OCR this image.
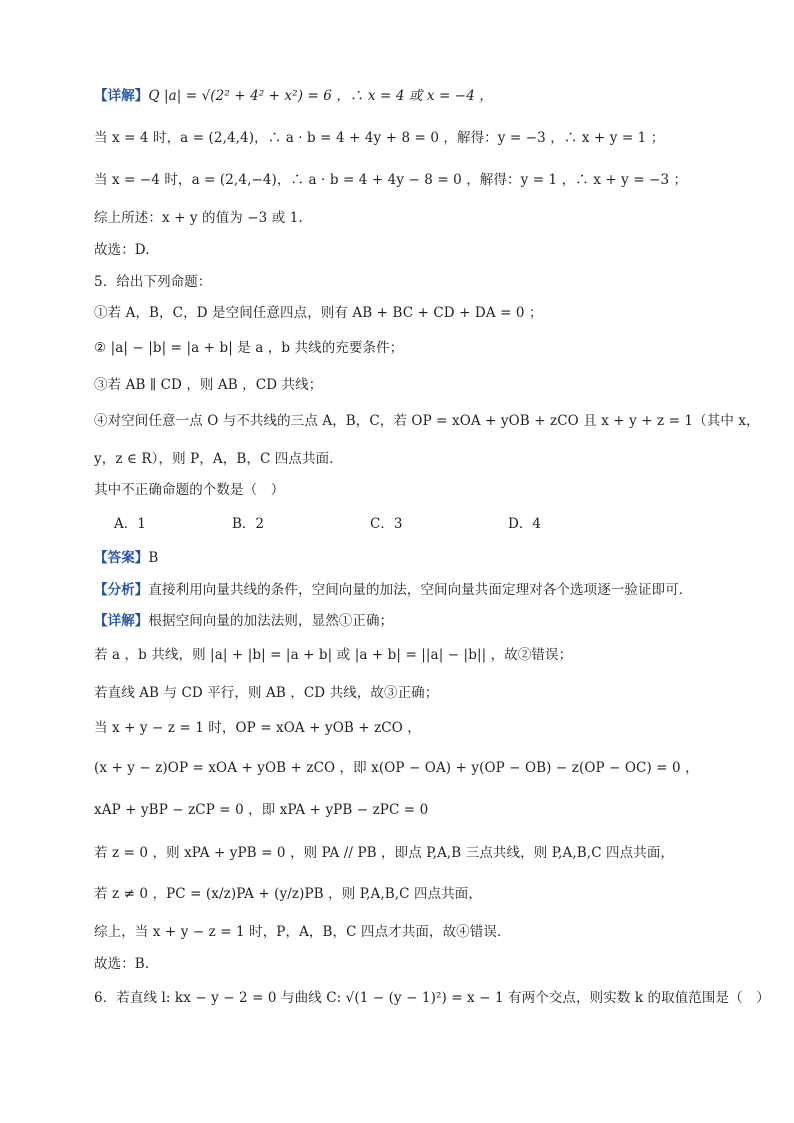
【详解】Q |a| = √(2² + 4² + x²) = 6 ，∴ x = 4 或 x = −4 ，
当 x = 4 时，a = (2,4,4)，∴ a · b = 4 + 4y + 8 = 0 ，解得：y = −3 ，∴ x + y = 1 ；
当 x = −4 时，a = (2,4,−4)，∴ a · b = 4 + 4y − 8 = 0 ，解得：y = 1 ，∴ x + y = −3 ；
综上所述：x + y 的值为 −3 或 1.
故选：D.
5．给出下列命题：
①若 A，B，C，D 是空间任意四点，则有 AB + BC + CD + DA = 0 ；
② |a| − |b| = |a + b| 是 a ，b 共线的充要条件；
③若 AB ∥ CD ，则 AB ，CD 共线；
④对空间任意一点 O 与不共线的三点 A，B，C，若 OP = xOA + yOB + zCO 且 x + y + z = 1（其中 x，
y，z ∈ R），则 P，A，B，C 四点共面．
其中不正确命题的个数是（　）
A．1	B．2	C．3	D．4
【答案】B
【分析】直接利用向量共线的条件，空间向量的加法，空间向量共面定理对各个选项逐一验证即可．
【详解】根据空间向量的加法法则，显然①正确；
若 a ，b 共线，则 |a| + |b| = |a + b| 或 |a + b| = ||a| − |b|| ，故②错误；
若直线 AB 与 CD 平行，则 AB ，CD 共线，故③正确；
当 x + y − z = 1 时，OP = xOA + yOB + zCO ，
(x + y − z)OP = xOA + yOB + zCO ，即 x(OP − OA) + y(OP − OB) − z(OP − OC) = 0 ，
xAP + yBP − zCP = 0 ，即 xPA + yPB − zPC = 0
若 z = 0 ，则 xPA + yPB = 0 ，则 PA // PB ，即点 P,A,B 三点共线，则 P,A,B,C 四点共面，
若 z ≠ 0 ，PC = (x/z)PA + (y/z)PB ，则 P,A,B,C 四点共面，
综上，当 x + y − z = 1 时，P，A，B，C 四点才共面，故④错误．
故选：B．
6．若直线 l: kx − y − 2 = 0 与曲线 C: √(1 − (y − 1)²) = x − 1 有两个交点，则实数 k 的取值范围是（　）
